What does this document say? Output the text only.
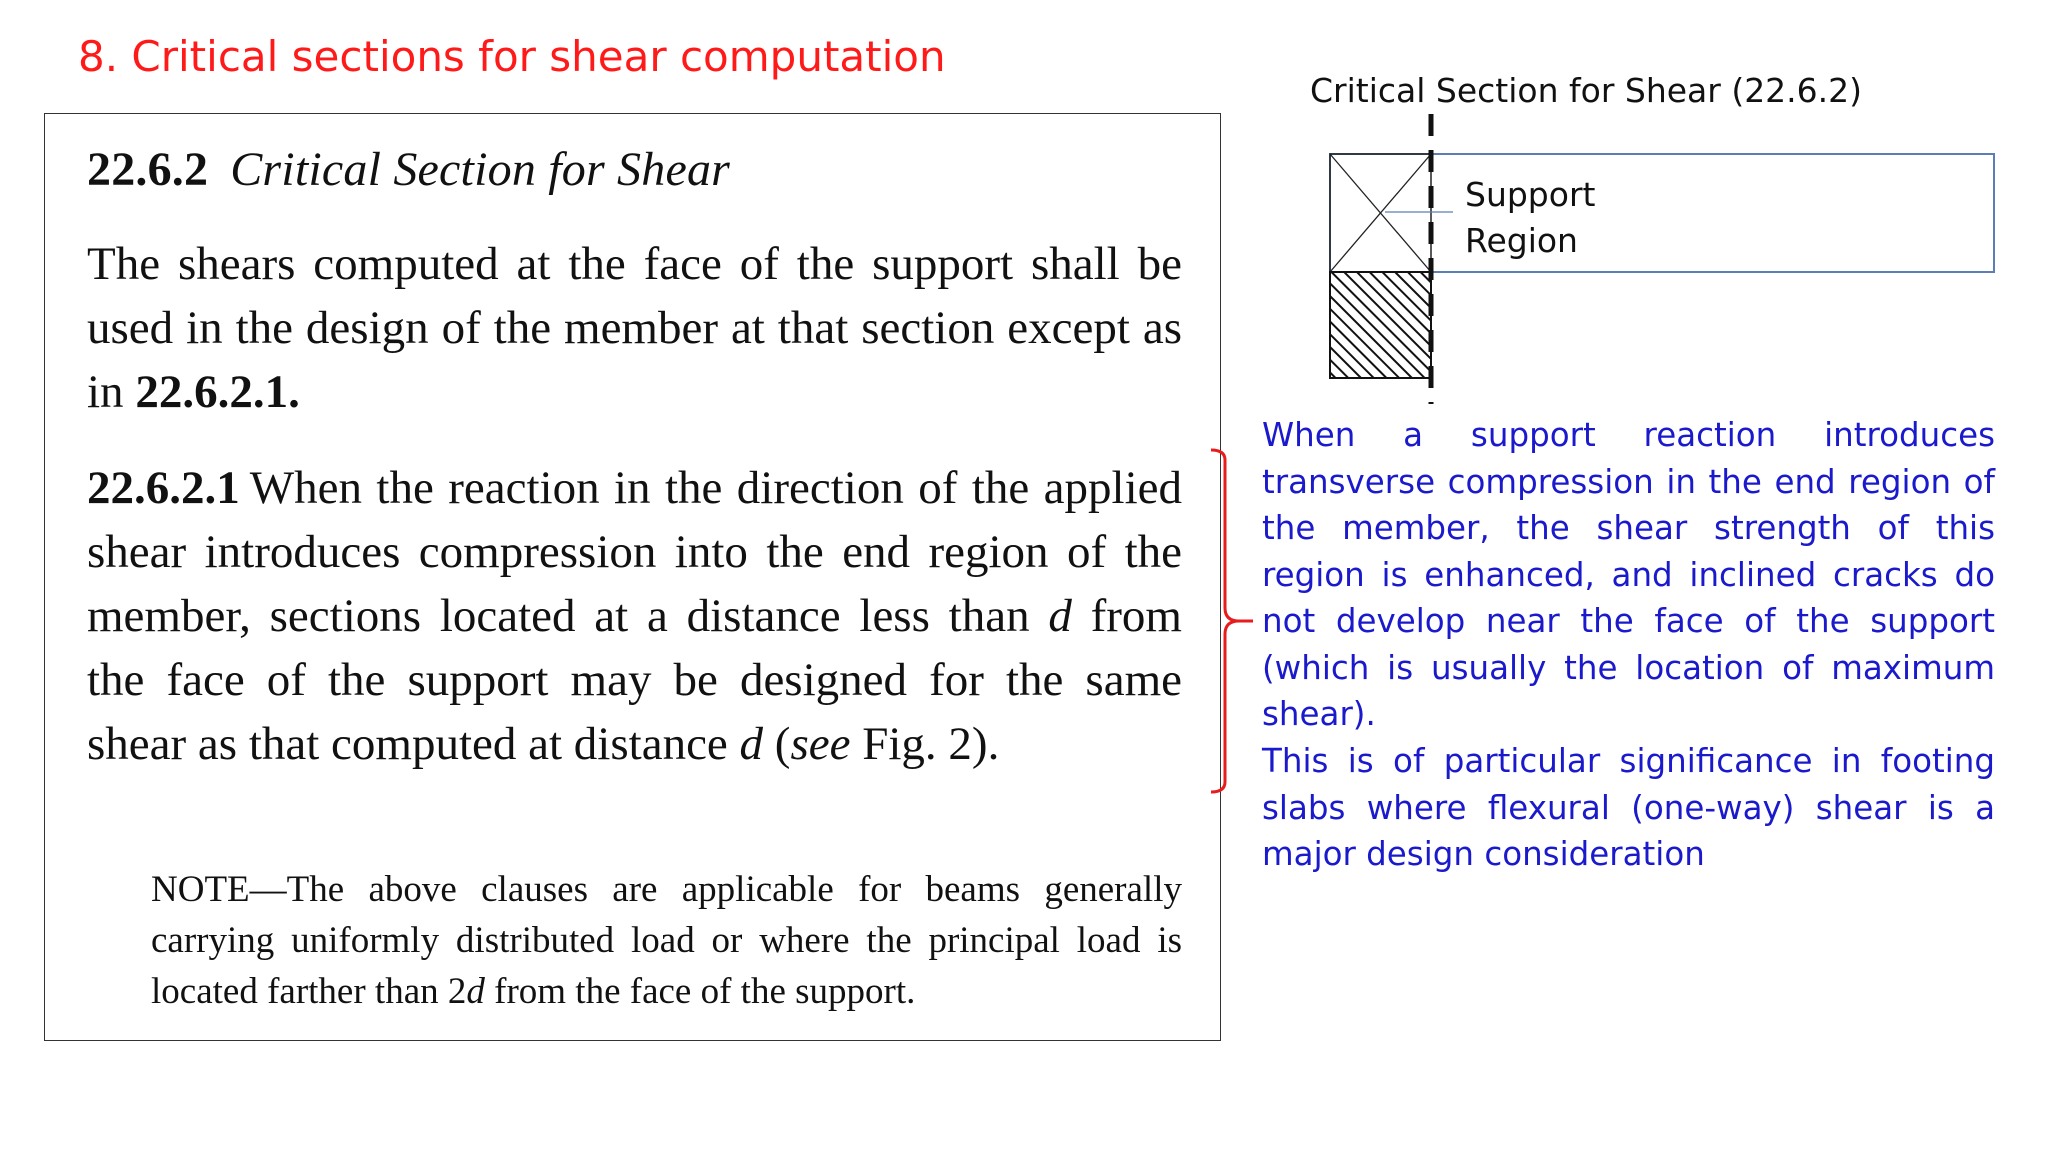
8. Critical sections for shear computation
22.6.2 Critical Section for Shear
The shears computed at the face of the support shall be used in the design of the member at that section except as in 22.6.2.1.
22.6.2.1 When the reaction in the direction of the applied shear introduces compression into the end region of the member, sections located at a distance less than d from the face of the support may be designed for the same shear as that computed at distance d (see Fig. 2).
NOTE—The above clauses are applicable for beams generally carrying uniformly distributed load or where the principal load is located farther than 2d from the face of the support.
Critical Section for Shear (22.6.2)
Support
Region
When a support reaction introduces transverse compression in the end region of the member, the shear strength of this region is enhanced, and inclined cracks do not develop near the face of the support (which is usually the location of maximum shear).
This is of particular significance in footing slabs where flexural (one-way) shear is a major design consideration
